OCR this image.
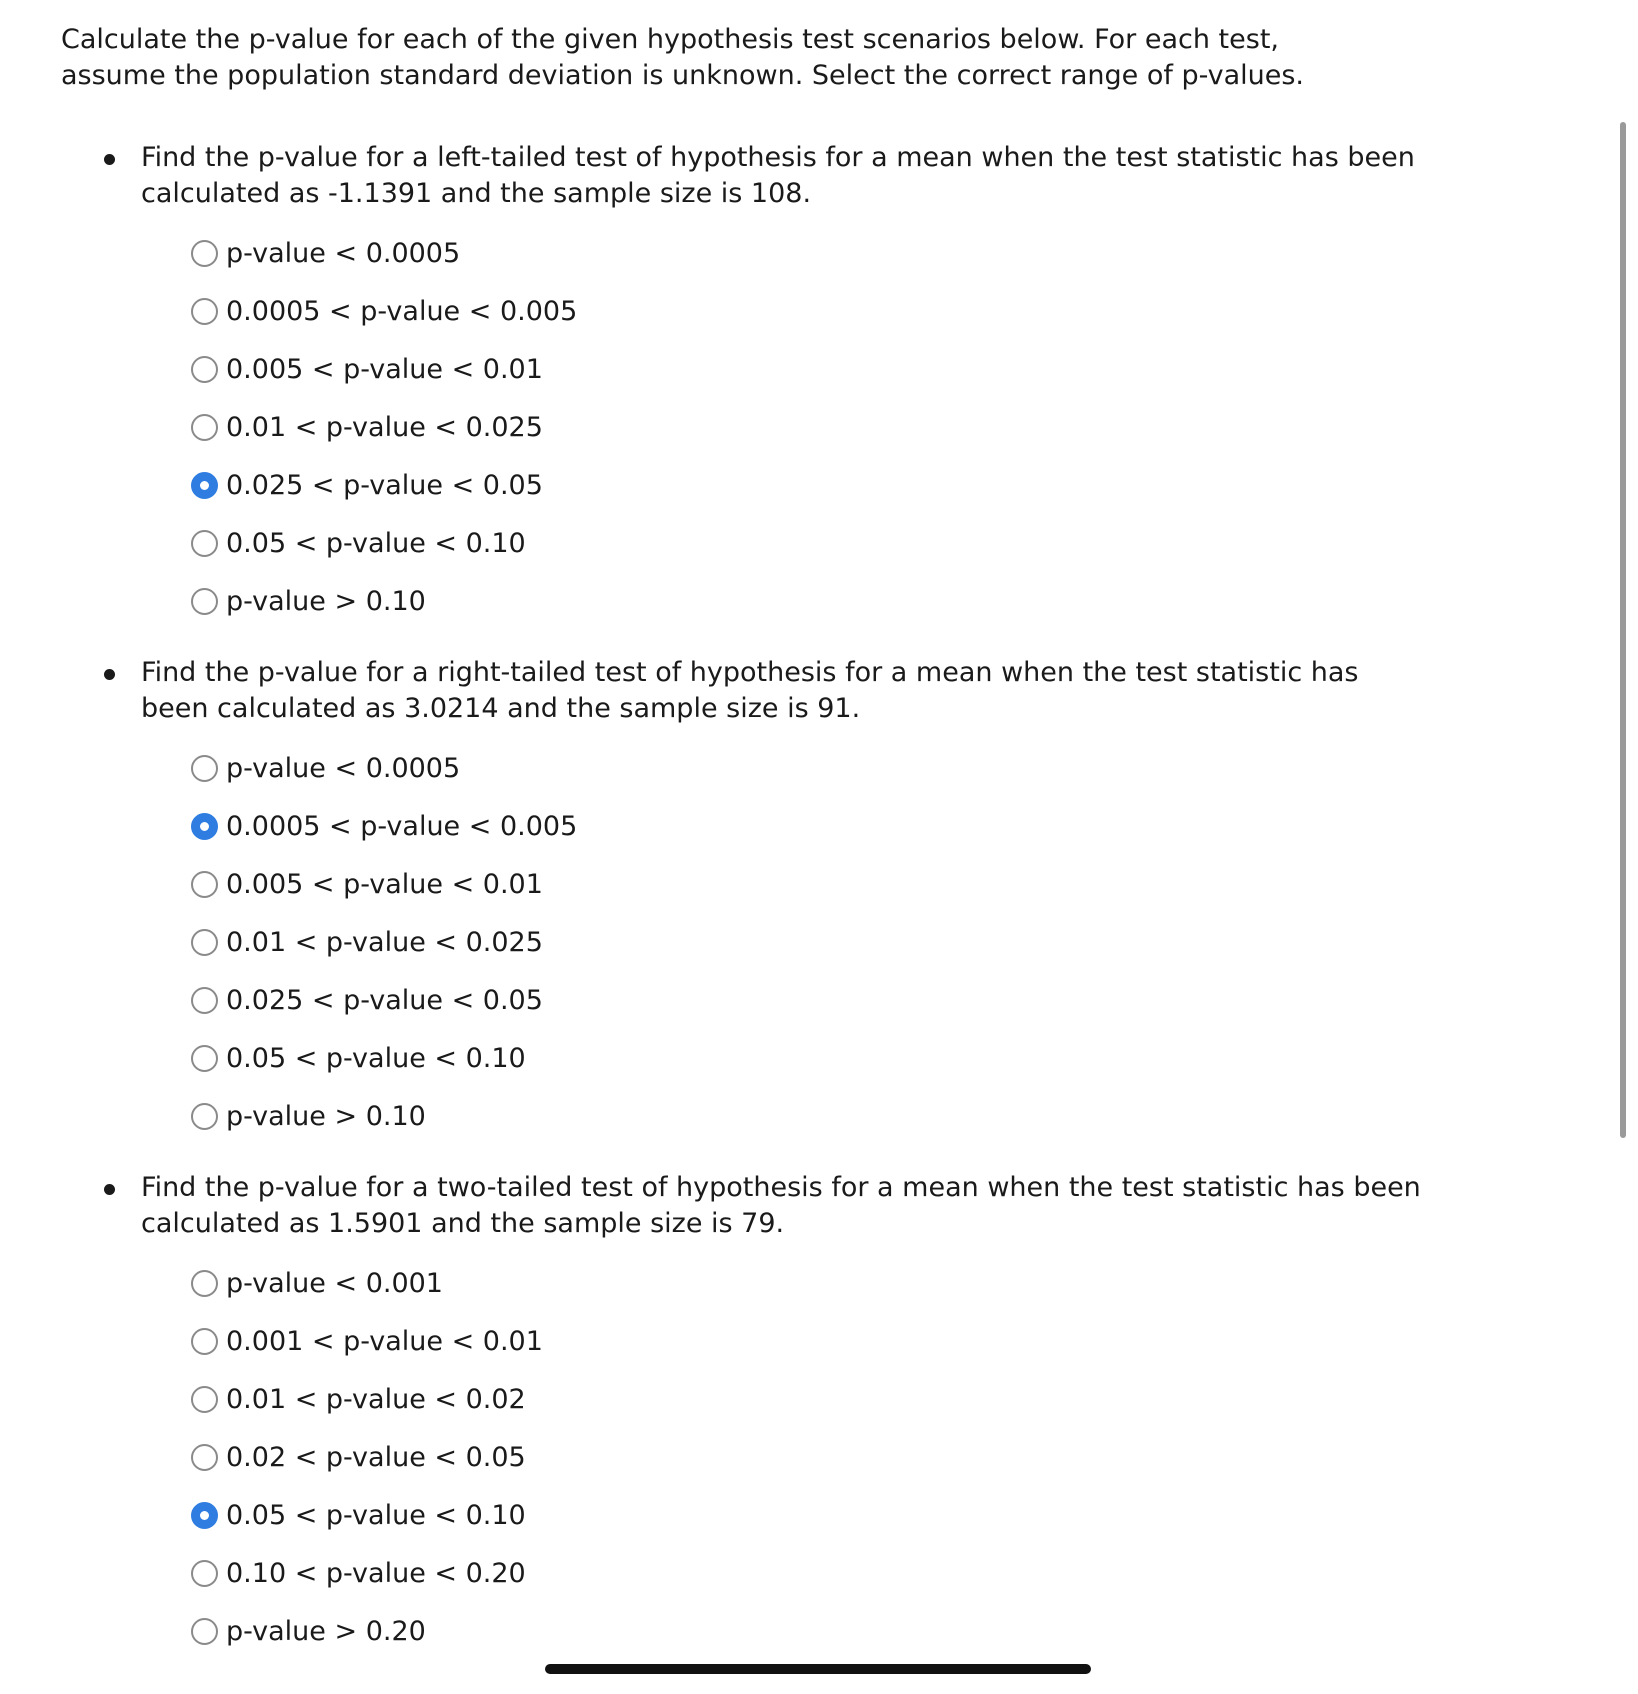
Calculate the p-value for each of the given hypothesis test scenarios below. For each test, assume the population standard deviation is unknown. Select the correct range of p-values.

Find the p-value for a left-tailed test of hypothesis for a mean when the test statistic has been calculated as -1.1391 and the sample size is 108.
p-value < 0.0005
0.0005 < p-value < 0.005
0.005 < p-value < 0.01
0.01 < p-value < 0.025
0.025 < p-value < 0.05
0.05 < p-value < 0.10
p-value > 0.10
Find the p-value for a right-tailed test of hypothesis for a mean when the test statistic has been calculated as 3.0214 and the sample size is 91.
p-value < 0.0005
0.0005 < p-value < 0.005
0.005 < p-value < 0.01
0.01 < p-value < 0.025
0.025 < p-value < 0.05
0.05 < p-value < 0.10
p-value > 0.10
Find the p-value for a two-tailed test of hypothesis for a mean when the test statistic has been calculated as 1.5901 and the sample size is 79.
p-value < 0.001
0.001 < p-value < 0.01
0.01 < p-value < 0.02
0.02 < p-value < 0.05
0.05 < p-value < 0.10
0.10 < p-value < 0.20
p-value > 0.20
